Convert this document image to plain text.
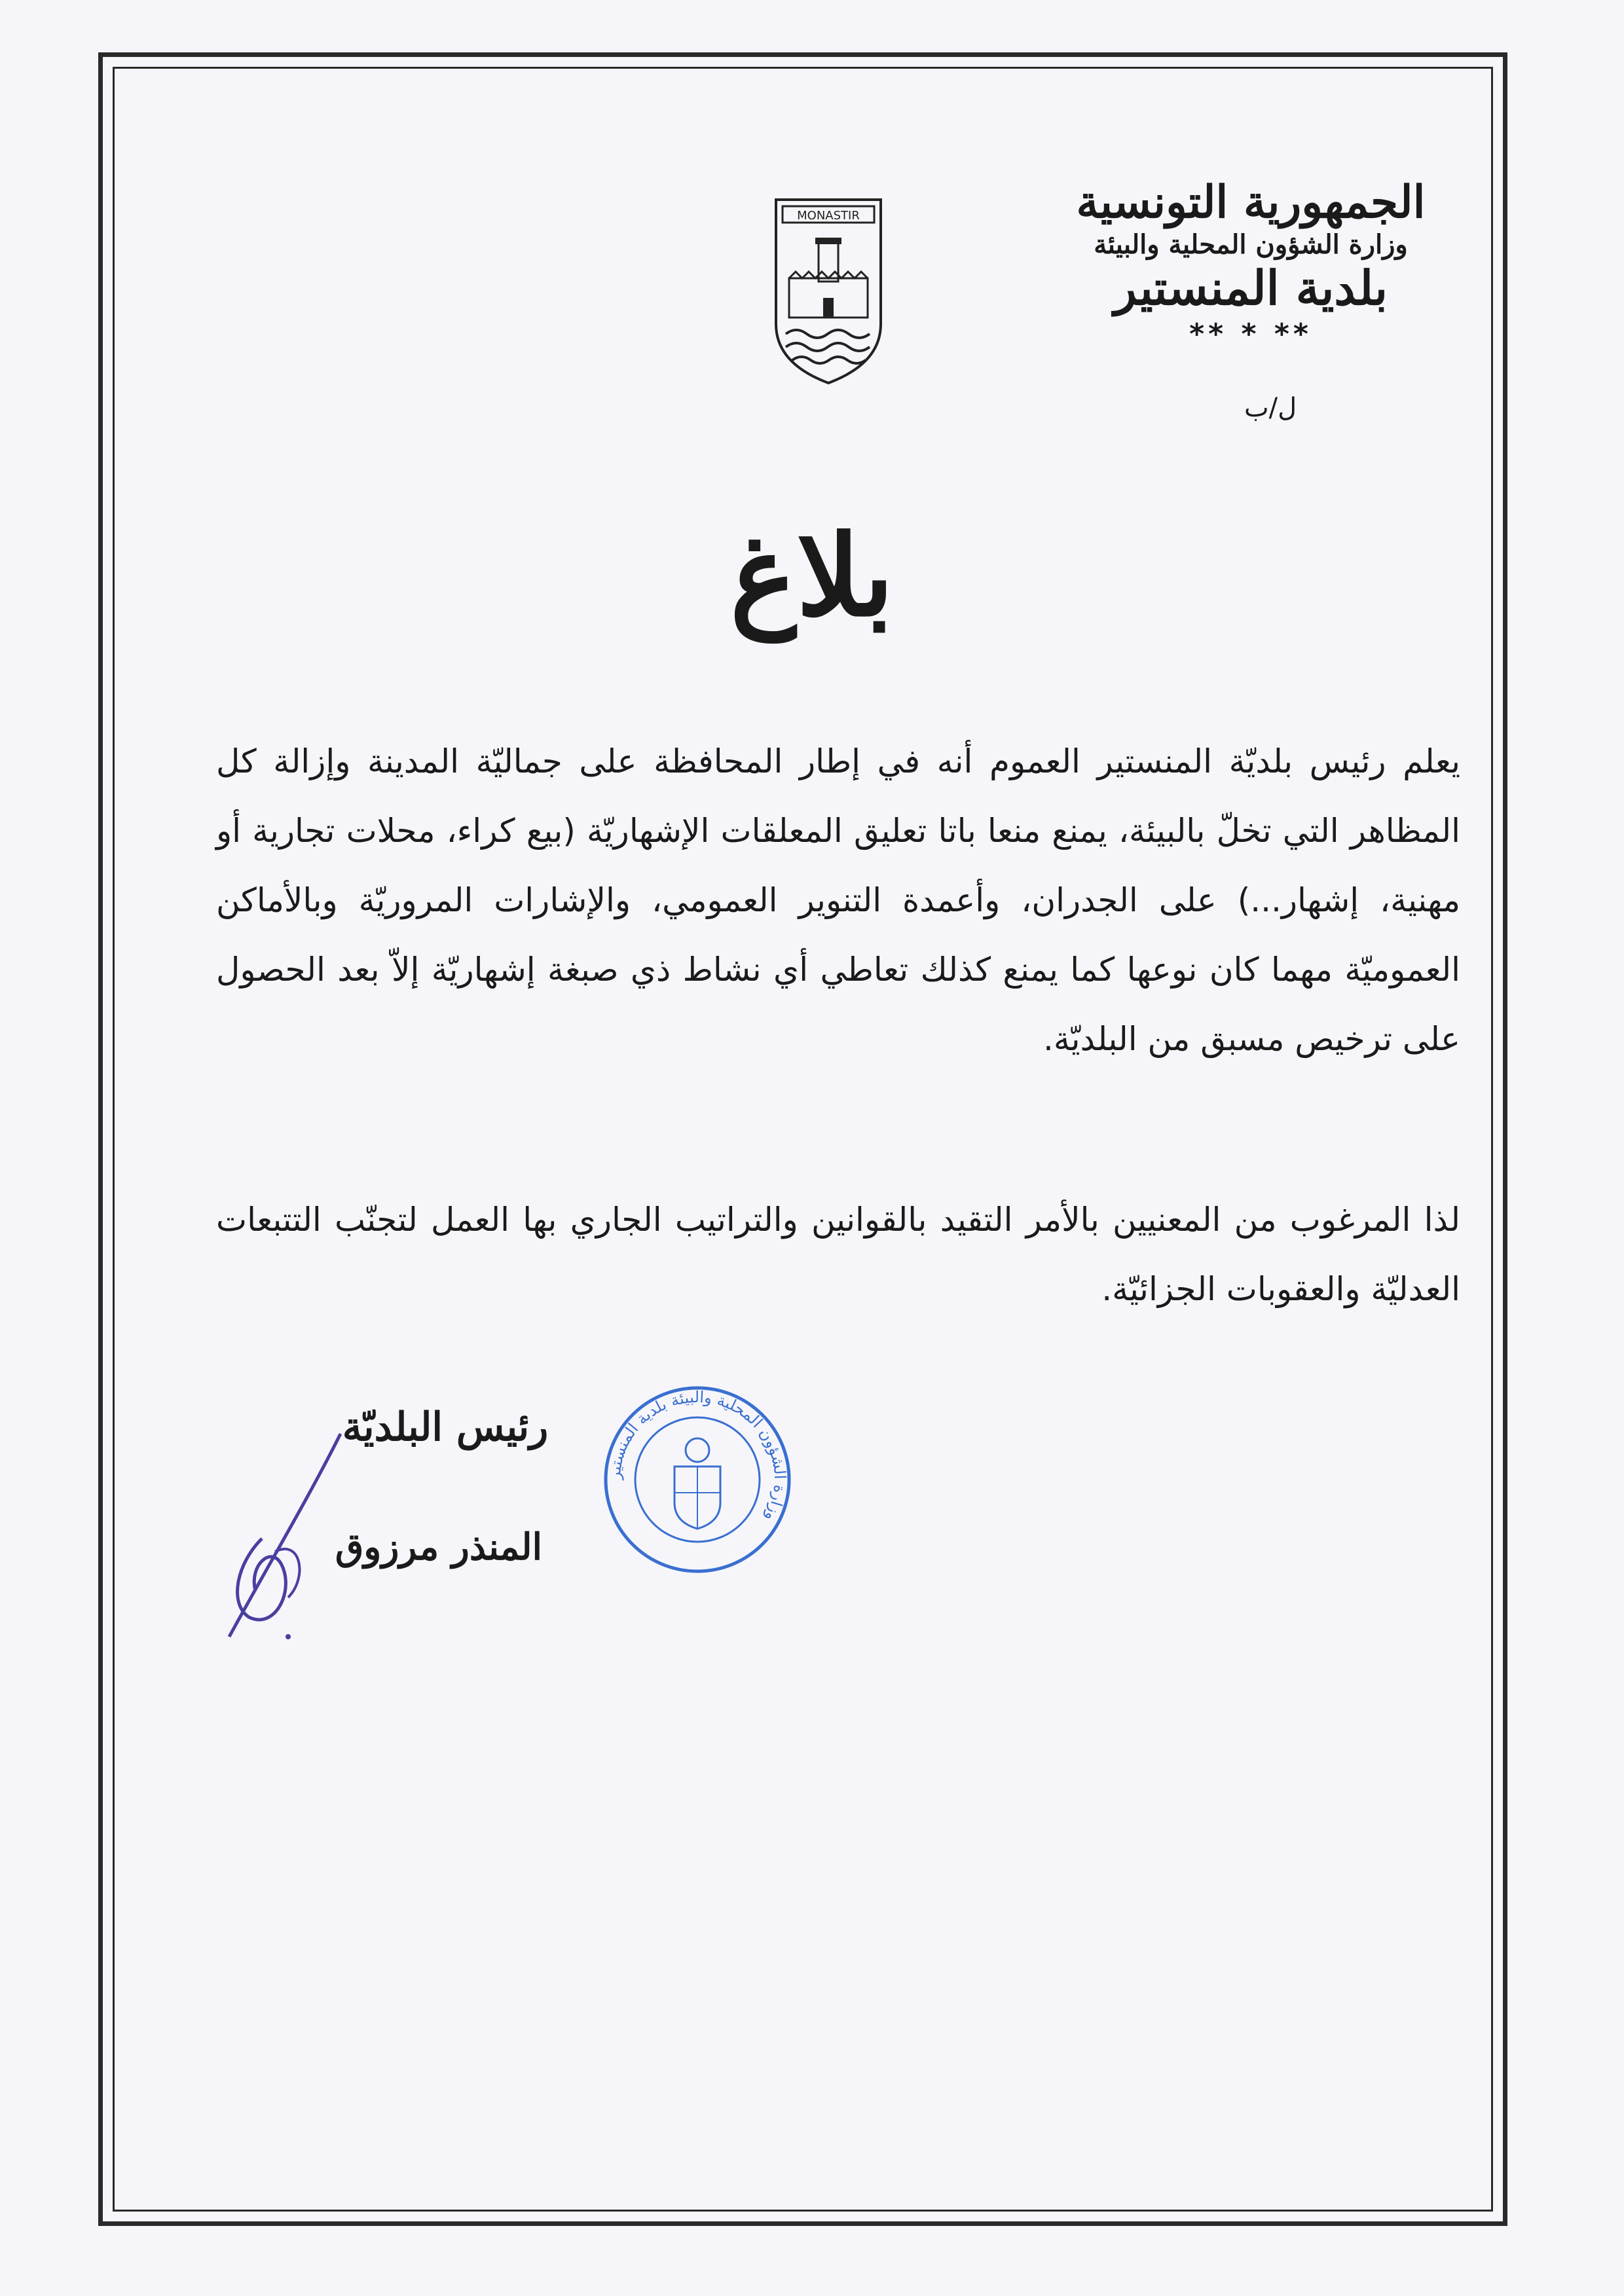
الجمهورية التونسية
وزارة الشؤون المحلية والبيئة
بلدية المنستير
** * **
ل/ب
MONASTIR
بلاغ
يعلم رئيس بلديّة المنستير العموم أنه في إطار المحافظة على جماليّة المدينة وإزالة كل المظاهر التي تخلّ بالبيئة، يمنع منعا باتا تعليق المعلقات الإشهاريّة (بيع كراء، محلات تجارية أو مهنية، إشهار...) على الجدران، وأعمدة التنوير العمومي، والإشارات المروريّة وبالأماكن العموميّة مهما كان نوعها كما يمنع كذلك تعاطي أي نشاط ذي صبغة إشهاريّة إلاّ بعد الحصول على ترخيص مسبق من البلديّة.
لذا المرغوب من المعنيين بالأمر التقيد بالقوانين والتراتيب الجاري بها العمل لتجنّب التتبعات العدليّة والعقوبات الجزائيّة.
رئيس البلديّة
المنذر مرزوق
وزارة الشؤون المحلية والبيئة بلدية المنستير
